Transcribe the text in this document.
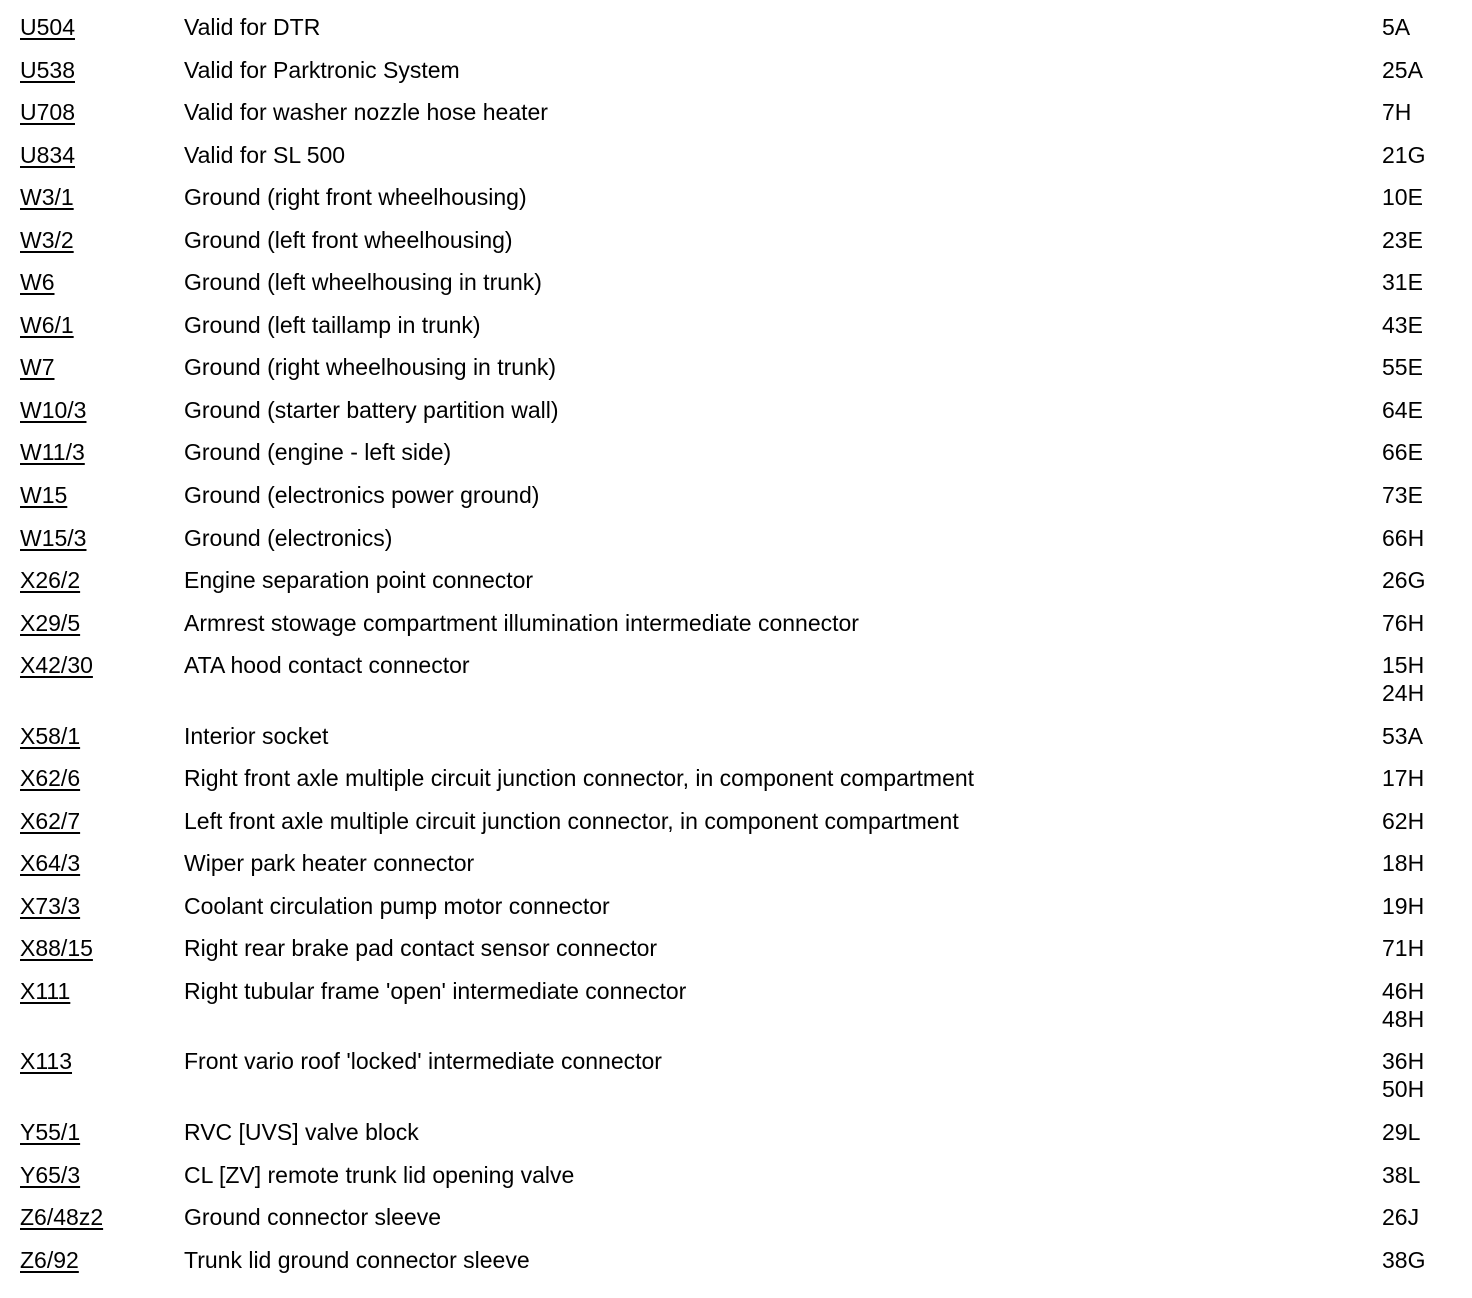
U504	Valid for DTR	5A
U538	Valid for Parktronic System	25A
U708	Valid for washer nozzle hose heater	7H
U834	Valid for SL 500	21G
W3/1	Ground (right front wheelhousing)	10E
W3/2	Ground (left front wheelhousing)	23E
W6	Ground (left wheelhousing in trunk)	31E
W6/1	Ground (left taillamp in trunk)	43E
W7	Ground (right wheelhousing in trunk)	55E
W10/3	Ground (starter battery partition wall)	64E
W11/3	Ground (engine - left side)	66E
W15	Ground (electronics power ground)	73E
W15/3	Ground (electronics)	66H
X26/2	Engine separation point connector	26G
X29/5	Armrest stowage compartment illumination intermediate connector	76H
X42/30	ATA hood contact connector	15H
24H
X58/1	Interior socket	53A
X62/6	Right front axle multiple circuit junction connector, in component compartment	17H
X62/7	Left front axle multiple circuit junction connector, in component compartment	62H
X64/3	Wiper park heater connector	18H
X73/3	Coolant circulation pump motor connector	19H
X88/15	Right rear brake pad contact sensor connector	71H
X111	Right tubular frame 'open' intermediate connector	46H
48H
X113	Front vario roof 'locked' intermediate connector	36H
50H
Y55/1	RVC [UVS] valve block	29L
Y65/3	CL [ZV] remote trunk lid opening valve	38L
Z6/48z2	Ground connector sleeve	26J
Z6/92	Trunk lid ground connector sleeve	38G
